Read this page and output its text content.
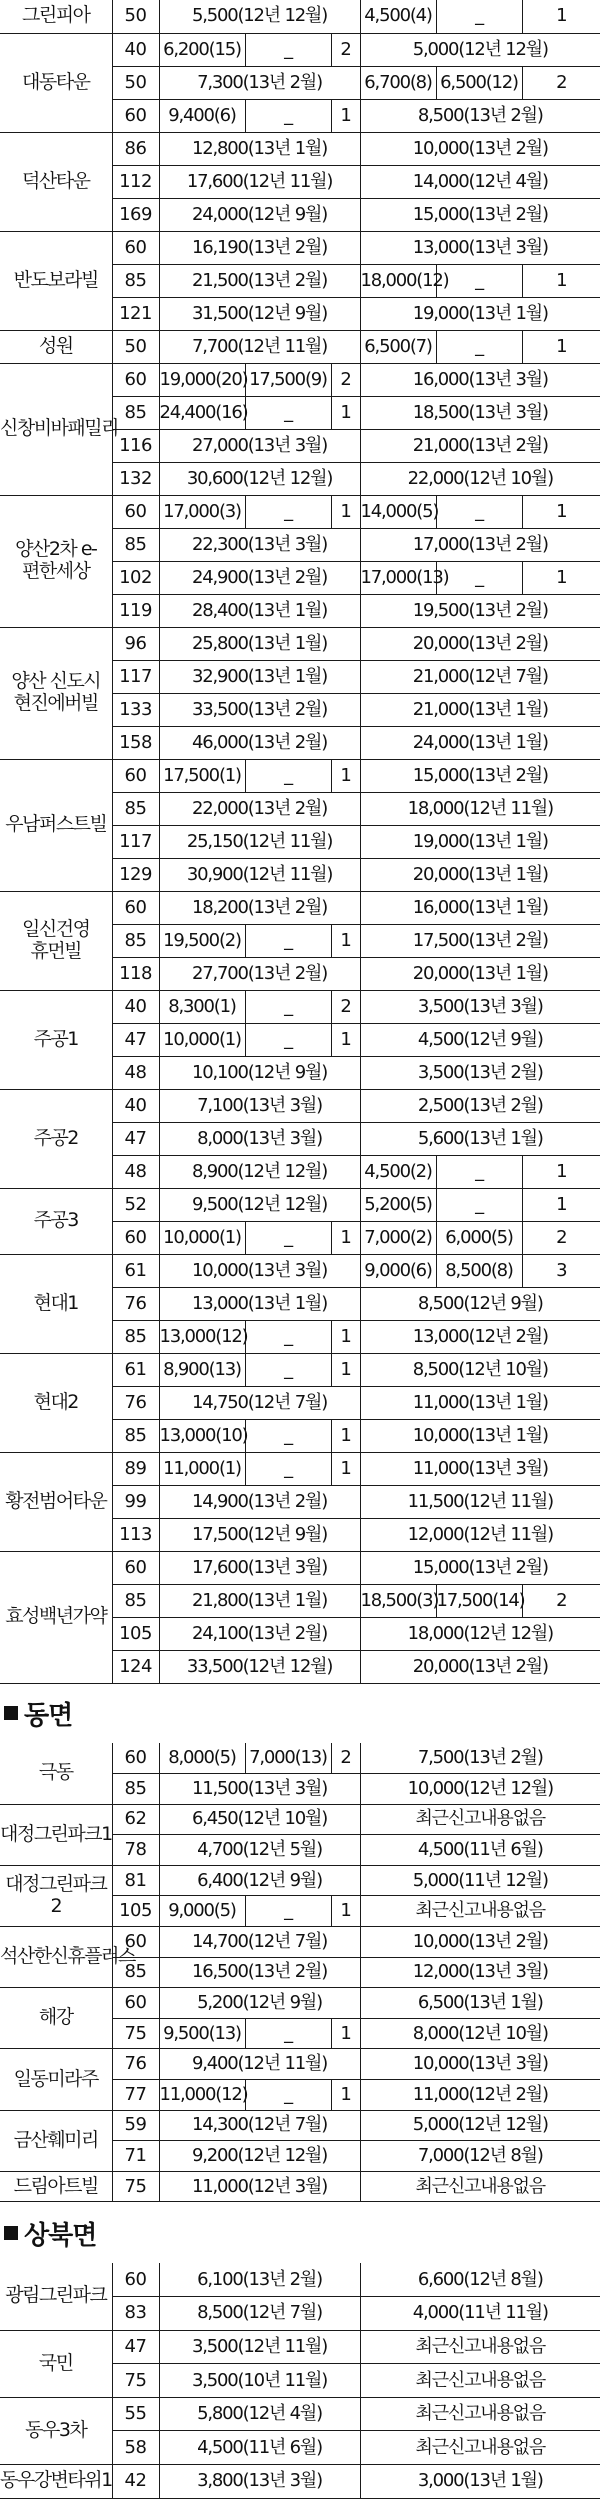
그린피아	50	5,500(12년 12월)			4,500(4)	_	1
대동타운	40	6,200(15)	_	2	5,000(12년 12월)		
	50	7,300(13년 2월)			6,700(8)	6,500(12)	2
	60	9,400(6)	_	1	8,500(13년 2월)		
덕산타운	86	12,800(13년 1월)			10,000(13년 2월)		
	112	17,600(12년 11월)			14,000(12년 4월)		
	169	24,000(12년 9월)			15,000(13년 2월)		
반도보라빌	60	16,190(13년 2월)			13,000(13년 3월)		
	85	21,500(13년 2월)			18,000(12)	_	1
	121	31,500(12년 9월)			19,000(13년 1월)		
성원	50	7,700(12년 11월)			6,500(7)	_	1
신창비바패밀리	60	19,000(20)	17,500(9)	2	16,000(13년 3월)		
	85	24,400(16)	_	1	18,500(13년 3월)		
	116	27,000(13년 3월)			21,000(13년 2월)		
	132	30,600(12년 12월)			22,000(12년 10월)		
양산2차 e-편한세상	60	17,000(3)	_	1	14,000(5)	_	1
	85	22,300(13년 3월)			17,000(13년 2월)		
	102	24,900(13년 2월)			17,000(13)	_	1
	119	28,400(13년 1월)			19,500(13년 2월)		
양산 신도시 현진에버빌	96	25,800(13년 1월)			20,000(13년 2월)		
	117	32,900(13년 1월)			21,000(12년 7월)		
	133	33,500(13년 2월)			21,000(13년 1월)		
	158	46,000(13년 2월)			24,000(13년 1월)		
우남퍼스트빌	60	17,500(1)	_	1	15,000(13년 2월)		
	85	22,000(13년 2월)			18,000(12년 11월)		
	117	25,150(12년 11월)			19,000(13년 1월)		
	129	30,900(12년 11월)			20,000(13년 1월)		
일신건영 휴먼빌	60	18,200(13년 2월)			16,000(13년 1월)		
	85	19,500(2)	_	1	17,500(13년 2월)		
	118	27,700(13년 2월)			20,000(13년 1월)		
주공1	40	8,300(1)	_	2	3,500(13년 3월)		
	47	10,000(1)	_	1	4,500(12년 9월)		
	48	10,100(12년 9월)			3,500(13년 2월)		
주공2	40	7,100(13년 3월)			2,500(13년 2월)		
	47	8,000(13년 3월)			5,600(13년 1월)		
	48	8,900(12년 12월)			4,500(2)	_	1
주공3	52	9,500(12년 12월)			5,200(5)	_	1
	60	10,000(1)	_	1	7,000(2)	6,000(5)	2
현대1	61	10,000(13년 3월)			9,000(6)	8,500(8)	3
	76	13,000(13년 1월)			8,500(12년 9월)		
	85	13,000(12)	_	1	13,000(12년 2월)		
현대2	61	8,900(13)	_	1	8,500(12년 10월)		
	76	14,750(12년 7월)			11,000(13년 1월)		
	85	13,000(10)	_	1	10,000(13년 1월)		
황전범어타운	89	11,000(1)	_	1	11,000(13년 3월)		
	99	14,900(13년 2월)			11,500(12년 11월)		
	113	17,500(12년 9월)			12,000(12년 11월)		
효성백년가약	60	17,600(13년 3월)			15,000(13년 2월)		
	85	21,800(13년 1월)			18,500(3)	17,500(14)	2
	105	24,100(13년 2월)			18,000(12년 12월)		
	124	33,500(12년 12월)			20,000(13년 2월)		
동면
극동	60	8,000(5)	7,000(13)	2	7,500(13년 2월)
	85	11,500(13년 3월)			10,000(12년 12월)
대정그린파크1	62	6,450(12년 10월)			최근신고내용없음
	78	4,700(12년 5월)			4,500(11년 6월)
대정그린파크 2	81	6,400(12년 9월)			5,000(11년 12월)
	105	9,000(5)	_	1	최근신고내용없음
석산한신휴플러스	60	14,700(12년 7월)			10,000(13년 2월)
	85	16,500(13년 2월)			12,000(13년 3월)
해강	60	5,200(12년 9월)			6,500(13년 1월)
	75	9,500(13)	_	1	8,000(12년 10월)
일동미라주	76	9,400(12년 11월)			10,000(13년 3월)
	77	11,000(12)	_	1	11,000(12년 2월)
금산훼미리	59	14,300(12년 7월)			5,000(12년 12월)
	71	9,200(12년 12월)			7,000(12년 8월)
드림아트빌	75	11,000(12년 3월)			최근신고내용없음
상북면
광림그린파크	60	6,100(13년 2월)	6,600(12년 8월)
	83	8,500(12년 7월)	4,000(11년 11월)
국민	47	3,500(12년 11월)	최근신고내용없음
	75	3,500(10년 11월)	최근신고내용없음
동우3차	55	5,800(12년 4월)	최근신고내용없음
	58	4,500(11년 6월)	최근신고내용없음
동우강변타위1	42	3,800(13년 3월)	3,000(13년 1월)
